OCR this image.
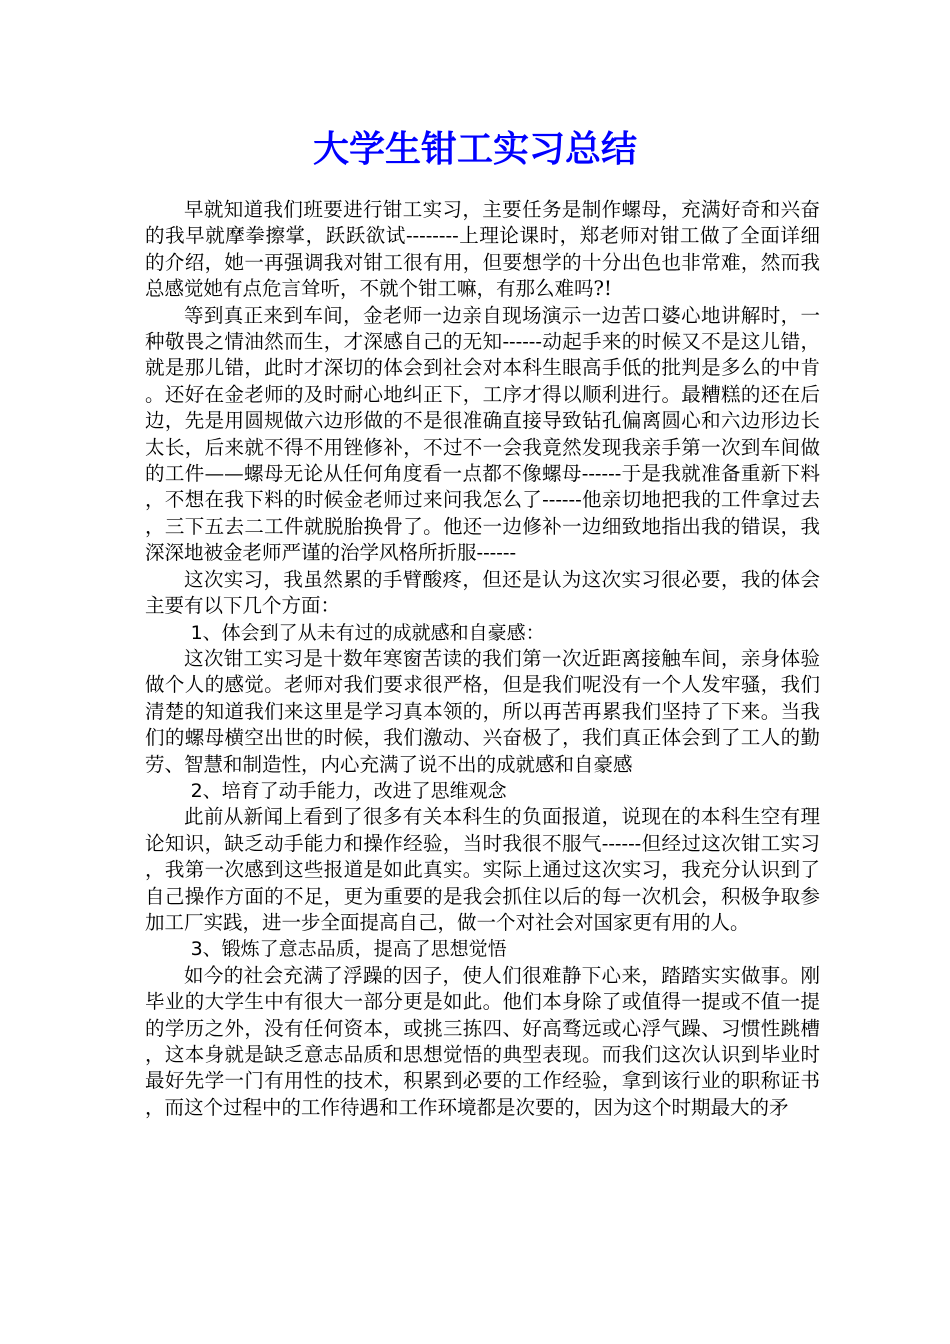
大学生钳工实习总结

早就知道我们班要进行钳工实习，主要任务是制作螺母，充满好奇和兴奋的我早就摩拳擦掌，跃跃欲试--------上理论课时，郑老师对钳工做了全面详细的介绍，她一再强调我对钳工很有用，但要想学的十分出色也非常难，然而我总感觉她有点危言耸听，不就个钳工嘛，有那么难吗?!

等到真正来到车间，金老师一边亲自现场演示一边苦口婆心地讲解时，一种敬畏之情油然而生，才深感自己的无知------动起手来的时候又不是这儿错，就是那儿错，此时才深切的体会到社会对本科生眼高手低的批判是多么的中肯。还好在金老师的及时耐心地纠正下，工序才得以顺利进行。最糟糕的还在后边，先是用圆规做六边形做的不是很准确直接导致钻孔偏离圆心和六边形边长太长，后来就不得不用锉修补，不过不一会我竟然发现我亲手第一次到车间做的工件——螺母无论从任何角度看一点都不像螺母------于是我就准备重新下料，不想在我下料的时候金老师过来问我怎么了------他亲切地把我的工件拿过去，三下五去二工件就脱胎换骨了。他还一边修补一边细致地指出我的错误，我深深地被金老师严谨的治学风格所折服------

这次实习，我虽然累的手臂酸疼，但还是认为这次实习很必要，我的体会主要有以下几个方面：

1、体会到了从未有过的成就感和自豪感：

这次钳工实习是十数年寒窗苦读的我们第一次近距离接触车间，亲身体验做个人的感觉。老师对我们要求很严格，但是我们呢没有一个人发牢骚，我们清楚的知道我们来这里是学习真本领的，所以再苦再累我们坚持了下来。当我们的螺母横空出世的时候，我们激动、兴奋极了，我们真正体会到了工人的勤劳、智慧和制造性，内心充满了说不出的成就感和自豪感

2、培育了动手能力，改进了思维观念

此前从新闻上看到了很多有关本科生的负面报道，说现在的本科生空有理论知识，缺乏动手能力和操作经验，当时我很不服气------但经过这次钳工实习，我第一次感到这些报道是如此真实。实际上通过这次实习，我充分认识到了自己操作方面的不足，更为重要的是我会抓住以后的每一次机会，积极争取参加工厂实践，进一步全面提高自己，做一个对社会对国家更有用的人。

3、锻炼了意志品质，提高了思想觉悟

如今的社会充满了浮躁的因子，使人们很难静下心来，踏踏实实做事。刚毕业的大学生中有很大一部分更是如此。他们本身除了或值得一提或不值一提的学历之外，没有任何资本，或挑三拣四、好高骛远或心浮气躁、习惯性跳槽，这本身就是缺乏意志品质和思想觉悟的典型表现。而我们这次认识到毕业时最好先学一门有用性的技术，积累到必要的工作经验，拿到该行业的职称证书，而这个过程中的工作待遇和工作环境都是次要的，因为这个时期最大的矛
